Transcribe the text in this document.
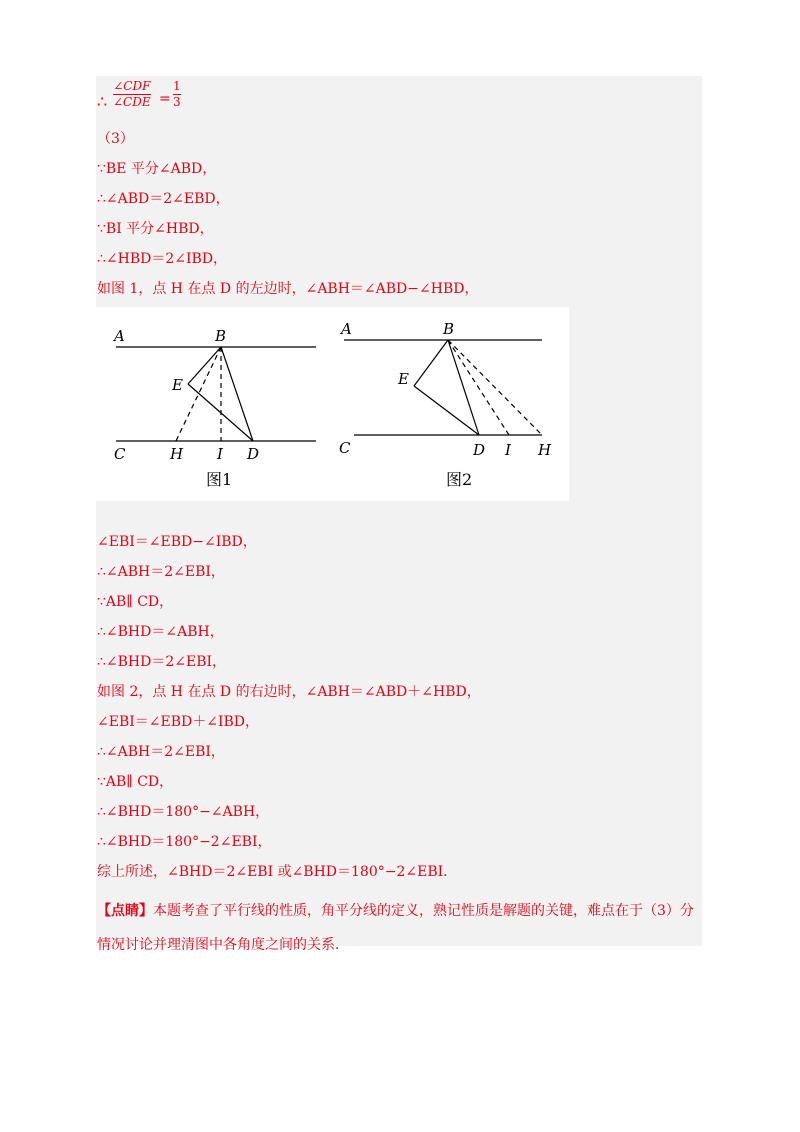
∴
∠CDF
∠CDE =
1
3
（3）
∵BE 平分∠ABD，
∴∠ABD＝2∠EBD，
∵BI 平分∠HBD，
∴∠HBD＝2∠IBD，
如图 1，点 H 在点 D 的左边时，∠ABH＝∠ABD−∠HBD，
A	B
C
E
H I D
图1
A	B
C
E
D I H
图2
∠EBI＝∠EBD−∠IBD，
∴∠ABH＝2∠EBI，
∵AB∥ CD，
∴∠BHD＝∠ABH，
∴∠BHD＝2∠EBI，
如图 2，点 H 在点 D 的右边时，∠ABH＝∠ABD＋∠HBD，
∠EBI＝∠EBD＋∠IBD，
∴∠ABH＝2∠EBI，
∵AB∥ CD，
∴∠BHD＝180°−∠ABH，
∴∠BHD＝180°−2∠EBI，
综上所述，∠BHD＝2∠EBI 或∠BHD＝180°−2∠EBI．
【点睛】本题考查了平行线的性质，角平分线的定义，熟记性质是解题的关键，难点在于（3）分情况讨论并理清图中各角度之间的关系．
